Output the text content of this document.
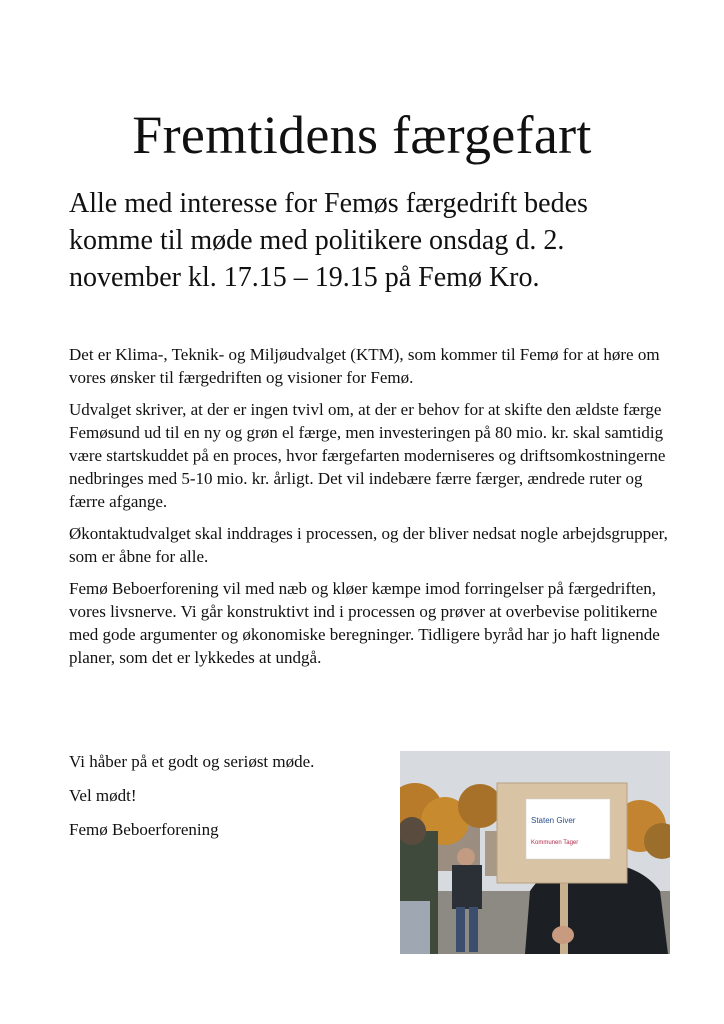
Fremtidens færgefart
Alle med interesse for Femøs færgedrift bedes komme til møde med politikere onsdag d. 2. november kl. 17.15 – 19.15 på Femø Kro.

Det er Klima-, Teknik- og Miljøudvalget (KTM), som kommer til Femø for at høre om vores ønsker til færgedriften og visioner for Femø.

Udvalget skriver, at der er ingen tvivl om, at der er behov for at skifte den ældste færge Femøsund ud til en ny og grøn el færge, men investeringen på 80 mio. kr. skal samtidig være startskuddet på en proces, hvor færgefarten moderniseres og driftsomkostningerne nedbringes med 5-10 mio. kr. årligt. Det vil indebære færre færger, ændrede ruter og færre afgange.

Økontaktudvalget skal inddrages i processen, og der bliver nedsat nogle arbejdsgrupper, som er åbne for alle.

Femø Beboerforening vil med næb og kløer kæmpe imod forringelser på færgedriften, vores livsnerve. Vi går konstruktivt ind i processen og prøver at overbevise politikerne med gode argumenter og økonomiske beregninger. Tidligere byråd har jo haft lignende planer, som det er lykkedes at undgå.

Vi håber på et godt og seriøst møde.

Vel mødt!

Femø Beboerforening	Staten Giver
Kommunen Tager
